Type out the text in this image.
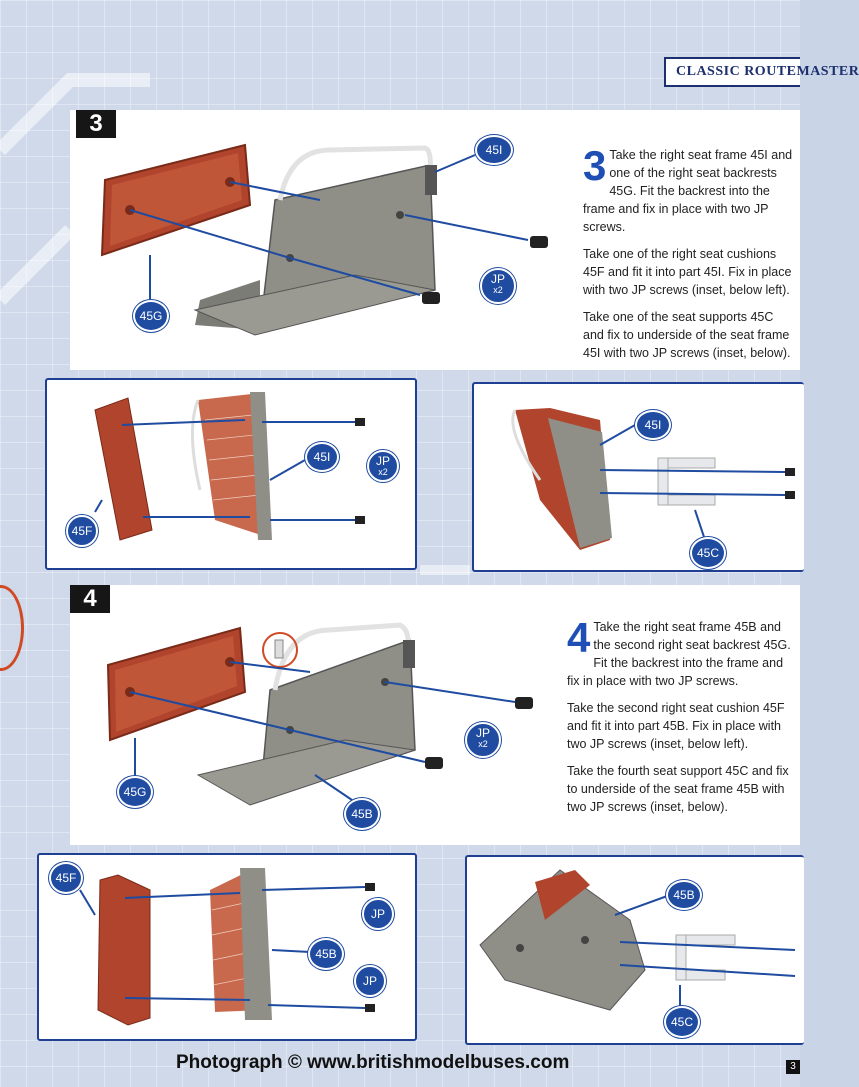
CLASSIC ROUTEMASTER
3
45I
45G
JP
x2

3 Take the right seat frame 45I and one of the right seat backrests 45G. Fit the backrest into the frame and fix in place with two JP screws.

Take one of the right seat cushions 45F and fit it into part 45I. Fix in place with two JP screws (inset, below left).

Take one of the seat supports 45C and fix to underside of the seat frame 45I with two JP screws (inset, below).

45F
45I	JP
x2
45I
45C
4
45G
45B
JP
x2

4 Take the right seat frame 45B and the second right seat backrest 45G. Fit the backrest into the frame and fix in place with two JP screws.

Take the second right seat cushion 45F and fit it into part 45B. Fix in place with two JP screws (inset, below left).

Take the fourth seat support 45C and fix to underside of the seat frame 45B with two JP screws (inset, below).

45F
45B
JP
JP
45B
45C
Photograph © www.britishmodelbuses.com	3
